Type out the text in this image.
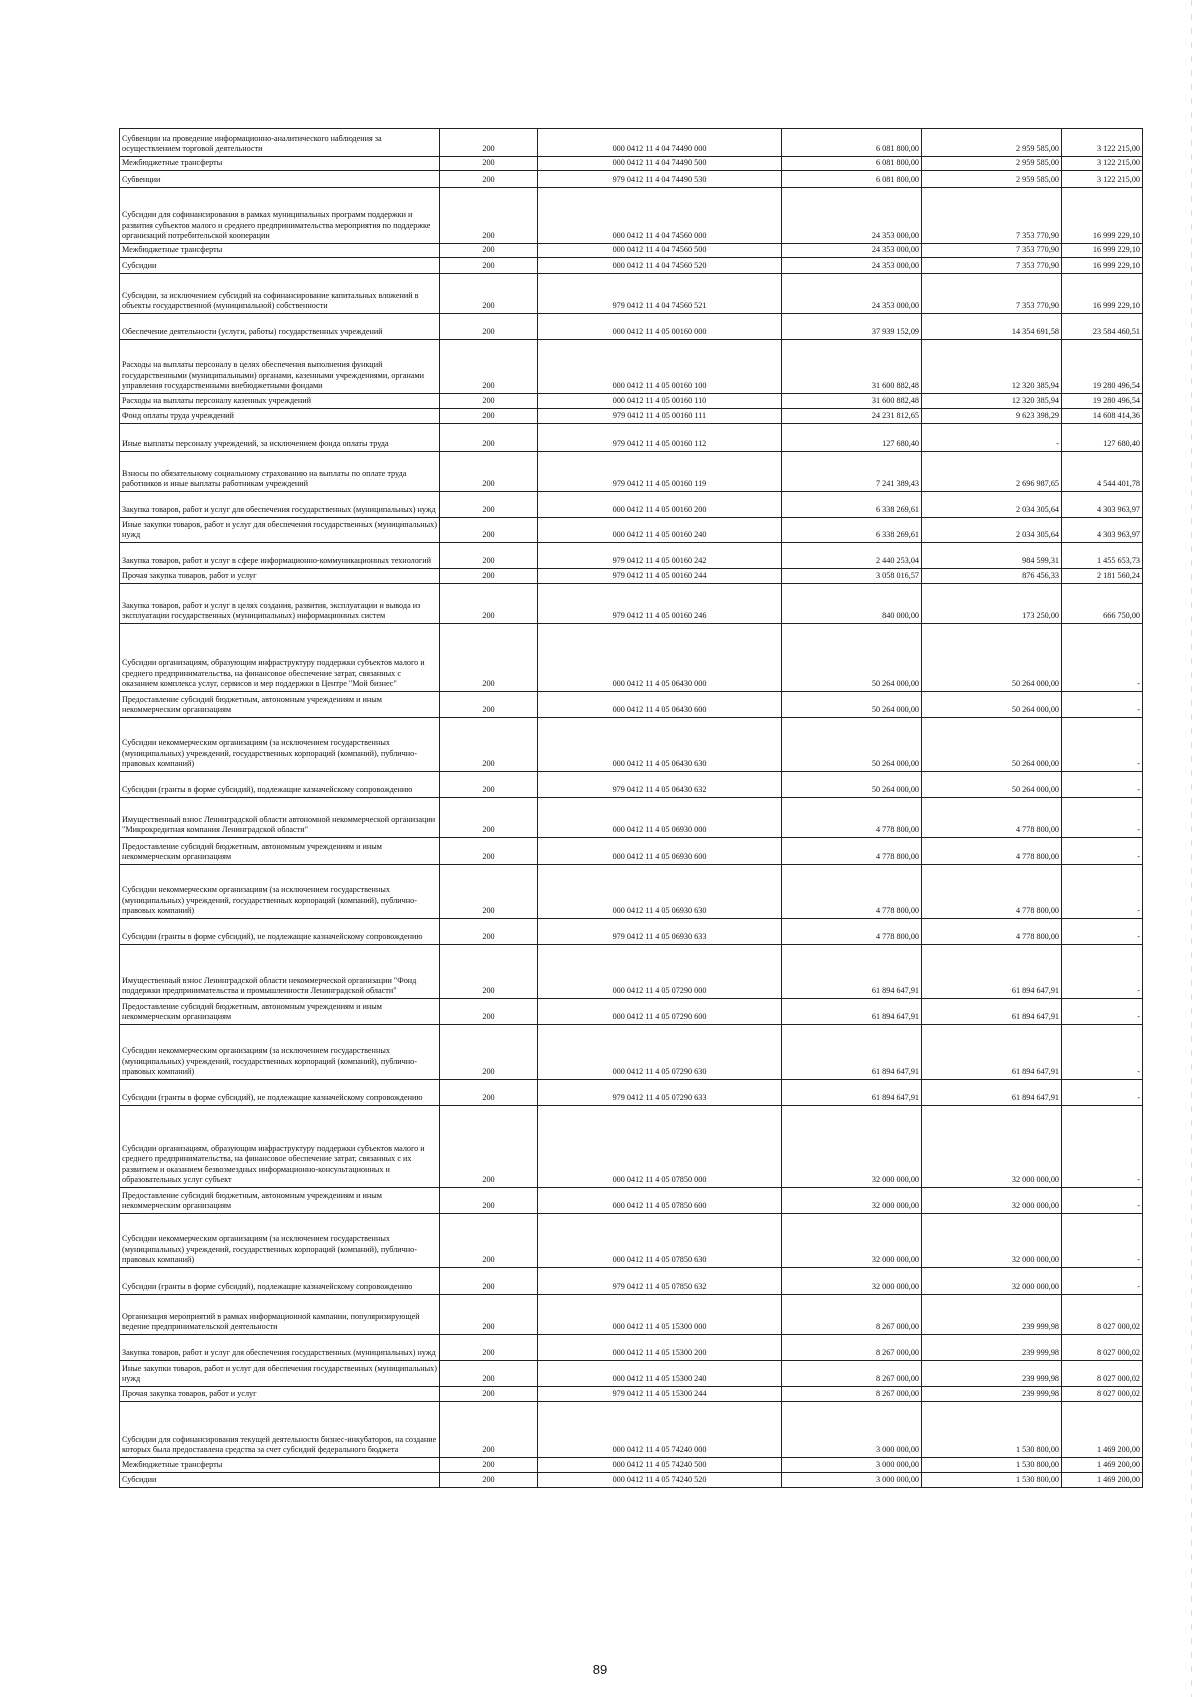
Субвенции на проведение информационно-аналитического наблюдения за осуществлением торговой деятельности	200	000 0412 11 4 04 74490 000	6 081 800,00	2 959 585,00	3 122 215,00
Межбюджетные трансферты	200	000 0412 11 4 04 74490 500	6 081 800,00	2 959 585,00	3 122 215,00
Субвенции	200	979 0412 11 4 04 74490 530	6 081 800,00	2 959 585,00	3 122 215,00
Субсидии для софинансирования в рамках муниципальных программ поддержки и развития субъектов малого и среднего предпринимательства мероприятия по поддержке организаций потребительской кооперации	200	000 0412 11 4 04 74560 000	24 353 000,00	7 353 770,90	16 999 229,10
Межбюджетные трансферты	200	000 0412 11 4 04 74560 500	24 353 000,00	7 353 770,90	16 999 229,10
Субсидии	200	000 0412 11 4 04 74560 520	24 353 000,00	7 353 770,90	16 999 229,10
Субсидии, за исключением субсидий на софинансирование капитальных вложений в объекты государственной (муниципальной) собственности	200	979 0412 11 4 04 74560 521	24 353 000,00	7 353 770,90	16 999 229,10
Обеспечение деятельности (услуги, работы) государственных учреждений	200	000 0412 11 4 05 00160 000	37 939 152,09	14 354 691,58	23 584 460,51
Расходы на выплаты персоналу в целях обеспечения выполнения функций государственными (муниципальными) органами, казенными учреждениями, органами управления государственными внебюджетными фондами	200	000 0412 11 4 05 00160 100	31 600 882,48	12 320 385,94	19 280 496,54
Расходы на выплаты персоналу казенных учреждений	200	000 0412 11 4 05 00160 110	31 600 882,48	12 320 385,94	19 280 496,54
Фонд оплаты труда учреждений	200	979 0412 11 4 05 00160 111	24 231 812,65	9 623 398,29	14 608 414,36
Иные выплаты персоналу учреждений, за исключением фонда оплаты труда	200	979 0412 11 4 05 00160 112	127 680,40	-	127 680,40
Взносы по обязательному социальному страхованию на выплаты по оплате труда работников и иные выплаты работникам учреждений	200	979 0412 11 4 05 00160 119	7 241 389,43	2 696 987,65	4 544 401,78
Закупка товаров, работ и услуг для обеспечения государственных (муниципальных) нужд	200	000 0412 11 4 05 00160 200	6 338 269,61	2 034 305,64	4 303 963,97
Иные закупки товаров, работ и услуг для обеспечения государственных (муниципальных) нужд	200	000 0412 11 4 05 00160 240	6 338 269,61	2 034 305,64	4 303 963,97
Закупка товаров, работ и услуг в сфере информационно-коммуникационных технологий	200	979 0412 11 4 05 00160 242	2 440 253,04	984 599,31	1 455 653,73
Прочая закупка товаров, работ и услуг	200	979 0412 11 4 05 00160 244	3 058 016,57	876 456,33	2 181 560,24
Закупка товаров, работ и услуг в целях создания, развития, эксплуатации и вывода из эксплуатации государственных (муниципальных) информационных систем	200	979 0412 11 4 05 00160 246	840 000,00	173 250,00	666 750,00
Субсидии организациям, образующим инфраструктуру поддержки субъектов малого и среднего предпринимательства, на финансовое обеспечение затрат, связанных с оказанием комплекса услуг, сервисов и мер поддержки в Центре "Мой бизнес"	200	000 0412 11 4 05 06430 000	50 264 000,00	50 264 000,00	-
Предоставление субсидий бюджетным, автономным учреждениям и иным некоммерческим организациям	200	000 0412 11 4 05 06430 600	50 264 000,00	50 264 000,00	-
Субсидии некоммерческим организациям (за исключением государственных (муниципальных) учреждений, государственных корпораций (компаний), публично-правовых компаний)	200	000 0412 11 4 05 06430 630	50 264 000,00	50 264 000,00	-
Субсидии (гранты в форме субсидий), подлежащие казначейскому сопровождению	200	979 0412 11 4 05 06430 632	50 264 000,00	50 264 000,00	-
Имущественный взнос Ленинградской области автономной некоммерческой организации "Микрокредитная компания Ленинградской области"	200	000 0412 11 4 05 06930 000	4 778 800,00	4 778 800,00	-
Предоставление субсидий бюджетным, автономным учреждениям и иным некоммерческим организациям	200	000 0412 11 4 05 06930 600	4 778 800,00	4 778 800,00	-
Субсидии некоммерческим организациям (за исключением государственных (муниципальных) учреждений, государственных корпораций (компаний), публично-правовых компаний)	200	000 0412 11 4 05 06930 630	4 778 800,00	4 778 800,00	-
Субсидии (гранты в форме субсидий), не подлежащие казначейскому сопровождению	200	979 0412 11 4 05 06930 633	4 778 800,00	4 778 800,00	-
Имущественный взнос Ленинградской области некоммерческой организации "Фонд поддержки предпринимательства и промышленности Ленинградской области"	200	000 0412 11 4 05 07290 000	61 894 647,91	61 894 647,91	-
Предоставление субсидий бюджетным, автономным учреждениям и иным некоммерческим организациям	200	000 0412 11 4 05 07290 600	61 894 647,91	61 894 647,91	-
Субсидии некоммерческим организациям (за исключением государственных (муниципальных) учреждений, государственных корпораций (компаний), публично-правовых компаний)	200	000 0412 11 4 05 07290 630	61 894 647,91	61 894 647,91	-
Субсидии (гранты в форме субсидий), не подлежащие казначейскому сопровождению	200	979 0412 11 4 05 07290 633	61 894 647,91	61 894 647,91	-
Субсидии организациям, образующим инфраструктуру поддержки субъектов малого и среднего предпринимательства, на финансовое обеспечение затрат, связанных с их развитием и оказанием безвозмездных информационно-консультационных и образовательных услуг субъект	200	000 0412 11 4 05 07850 000	32 000 000,00	32 000 000,00	-
Предоставление субсидий бюджетным, автономным учреждениям и иным некоммерческим организациям	200	000 0412 11 4 05 07850 600	32 000 000,00	32 000 000,00	-
Субсидии некоммерческим организациям (за исключением государственных (муниципальных) учреждений, государственных корпораций (компаний), публично-правовых компаний)	200	000 0412 11 4 05 07850 630	32 000 000,00	32 000 000,00	-
Субсидии (гранты в форме субсидий), подлежащие казначейскому сопровождению	200	979 0412 11 4 05 07850 632	32 000 000,00	32 000 000,00	-
Организация мероприятий в рамках информационной кампании, популяризирующей ведение предпринимательской деятельности	200	000 0412 11 4 05 15300 000	8 267 000,00	239 999,98	8 027 000,02
Закупка товаров, работ и услуг для обеспечения государственных (муниципальных) нужд	200	000 0412 11 4 05 15300 200	8 267 000,00	239 999,98	8 027 000,02
Иные закупки товаров, работ и услуг для обеспечения государственных (муниципальных) нужд	200	000 0412 11 4 05 15300 240	8 267 000,00	239 999,98	8 027 000,02
Прочая закупка товаров, работ и услуг	200	979 0412 11 4 05 15300 244	8 267 000,00	239 999,98	8 027 000,02
Субсидии для софинансирования текущей деятельности бизнес-инкубаторов, на создание которых была предоставлена средства за счет субсидий федерального бюджета	200	000 0412 11 4 05 74240 000	3 000 000,00	1 530 800,00	1 469 200,00
Межбюджетные трансферты	200	000 0412 11 4 05 74240 500	3 000 000,00	1 530 800,00	1 469 200,00
Субсидии	200	000 0412 11 4 05 74240 520	3 000 000,00	1 530 800,00	1 469 200,00
89
